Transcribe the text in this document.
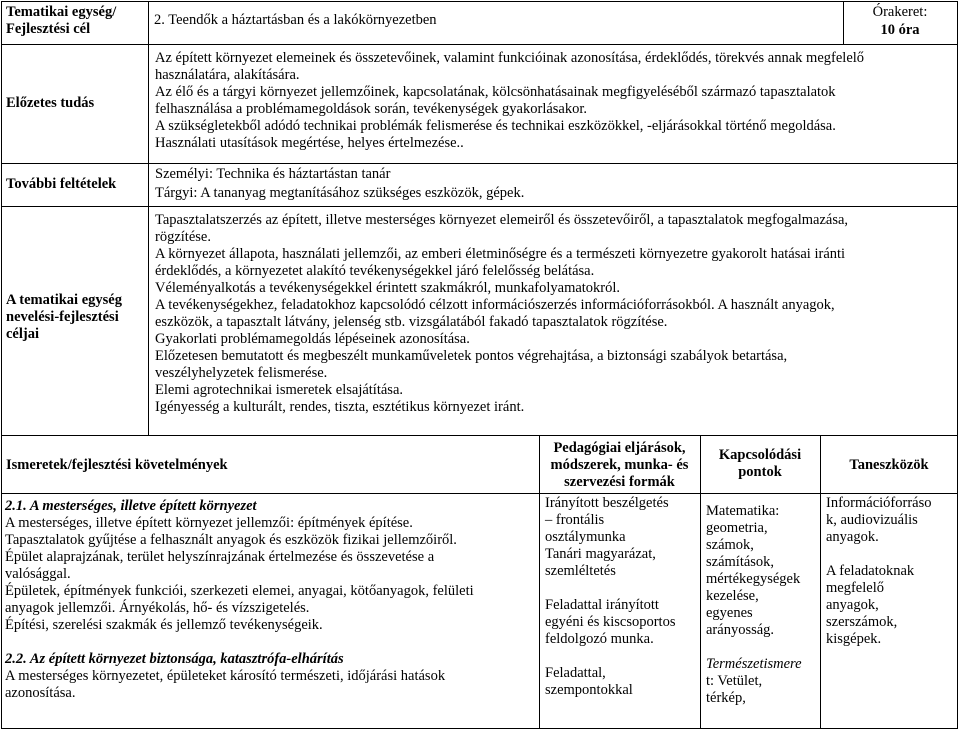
Tematikai egység/ Fejlesztési cél
2. Teendők a háztartásban és a lakókörnyezetben	Órakeret:
10 óra
Előzetes tudás
Az épített környezet elemeinek és összetevőinek, valamint funkcióinak azonosítása, érdeklődés, törekvés annak megfelelő
használatára, alakítására.
Az élő és a tárgyi környezet jellemzőinek, kapcsolatának, kölcsönhatásainak megfigyeléséből származó tapasztalatok
felhasználása a problémamegoldások során, tevékenységek gyakorlásakor.
A szükségletekből adódó technikai problémák felismerése és technikai eszközökkel, -eljárásokkal történő megoldása.
Használati utasítások megértése, helyes értelmezése..
További feltételek
Személyi: Technika és háztartástan tanár
Tárgyi: A tananyag megtanításához szükséges eszközök, gépek.
A tematikai egység nevelési-fejlesztési céljai
Tapasztalatszerzés az épített, illetve mesterséges környezet elemeiről és összetevőiről, a tapasztalatok megfogalmazása,
rögzítése.
A környezet állapota, használati jellemzői, az emberi életminőségre és a természeti környezetre gyakorolt hatásai iránti
érdeklődés, a környezetet alakító tevékenységekkel járó felelősség belátása.
Véleményalkotás a tevékenységekkel érintett szakmákról, munkafolyamatokról.
A tevékenységekhez, feladatokhoz kapcsolódó célzott információszerzés információforrásokból. A használt anyagok,
eszközök, a tapasztalt látvány, jelenség stb. vizsgálatából fakadó tapasztalatok rögzítése.
Gyakorlati problémamegoldás lépéseinek azonosítása.
Előzetesen bemutatott és megbeszélt munkaműveletek pontos végrehajtása, a biztonsági szabályok betartása,
veszélyhelyzetek felismerése.
Elemi agrotechnikai ismeretek elsajátítása.
Igényesség a kulturált, rendes, tiszta, esztétikus környezet iránt.
Ismeretek/fejlesztési követelmények
Pedagógiai eljárások, módszerek, munka- és szervezési formák
Kapcsolódási pontok	Taneszközök
2.1. A mesterséges, illetve épített környezet
A mesterséges, illetve épített környezet jellemzői: építmények építése.
Tapasztalatok gyűjtése a felhasznált anyagok és eszközök fizikai jellemzőiről.
Épület alaprajzának, terület helyszínrajzának értelmezése és összevetése a
valósággal.
Épületek, építmények funkciói, szerkezeti elemei, anyagai, kötőanyagok, felületi
anyagok jellemzői. Árnyékolás, hő- és vízszigetelés.
Építési, szerelési szakmák és jellemző tevékenységeik.
2.2. Az épített környezet biztonsága, katasztrófa-elhárítás
A mesterséges környezetet, épületeket károsító természeti, időjárási hatások
azonosítása.
Irányított beszélgetés
– frontális
osztálymunka
Tanári magyarázat,
szemléltetés
Feladattal irányított
egyéni és kiscsoportos
feldolgozó munka.
Feladattal,
szempontokkal
Matematika:
geometria,
számok,
számítások,
mértékegységek
kezelése,
egyenes
arányosság.
Természetismere
t: Vetület,
térkép,
Információforráso
k, audiovizuális
anyagok.
A feladatoknak
megfelelő
anyagok,
szerszámok,
kisgépek.
